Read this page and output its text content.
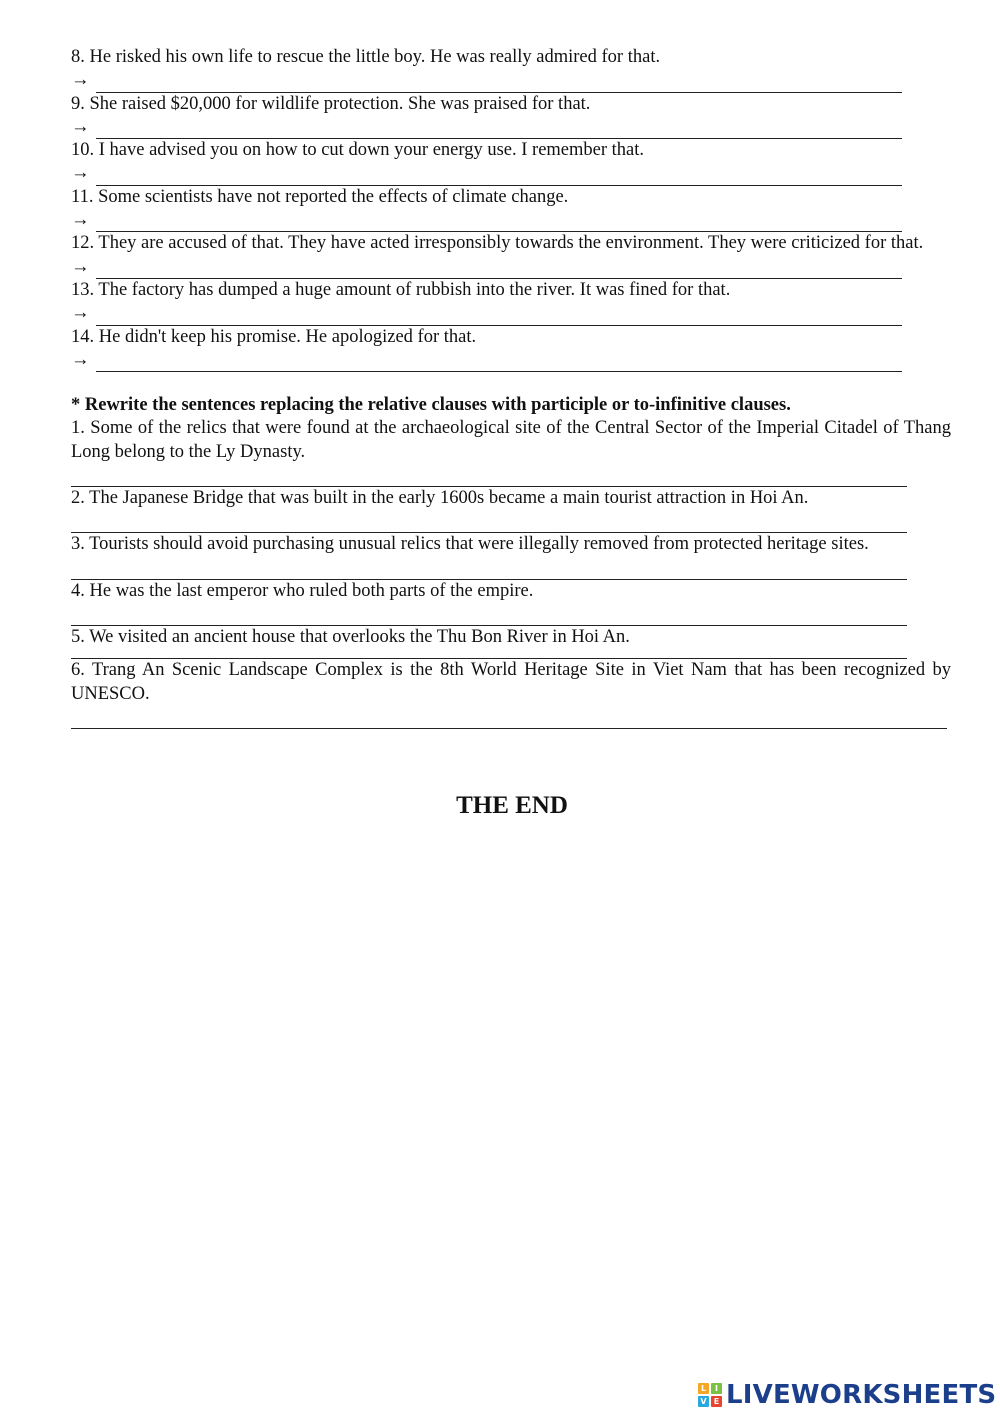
8. He risked his own life to rescue the little boy. He was really admired for that.

→

9. She raised $20,000 for wildlife protection. She was praised for that.

→

10. I have advised you on how to cut down your energy use. I remember that.

→

11. Some scientists have not reported the effects of climate change.

→

12. They are accused of that. They have acted irresponsibly towards the environment. They were criticized for that.

→

13. The factory has dumped a huge amount of rubbish into the river. It was fined for that.

→

14. He didn't keep his promise. He apologized for that.

→

* Rewrite the sentences replacing the relative clauses with participle or to-infinitive clauses.

1. Some of the relics that were found at the archaeological site of the Central Sector of the Imperial Citadel of Thang Long belong to the Ly Dynasty.

2. The Japanese Bridge that was built in the early 1600s became a main tourist attraction in Hoi An.

3. Tourists should avoid purchasing unusual relics that were illegally removed from protected heritage sites.

4. He was the last emperor who ruled both parts of the empire.

5. We visited an ancient house that overlooks the Thu Bon River in Hoi An.

6. Trang An Scenic Landscape Complex is the 8th World Heritage Site in Viet Nam that has been recognized by UNESCO.

THE END
L	I
V E LIVEWORKSHEETS
